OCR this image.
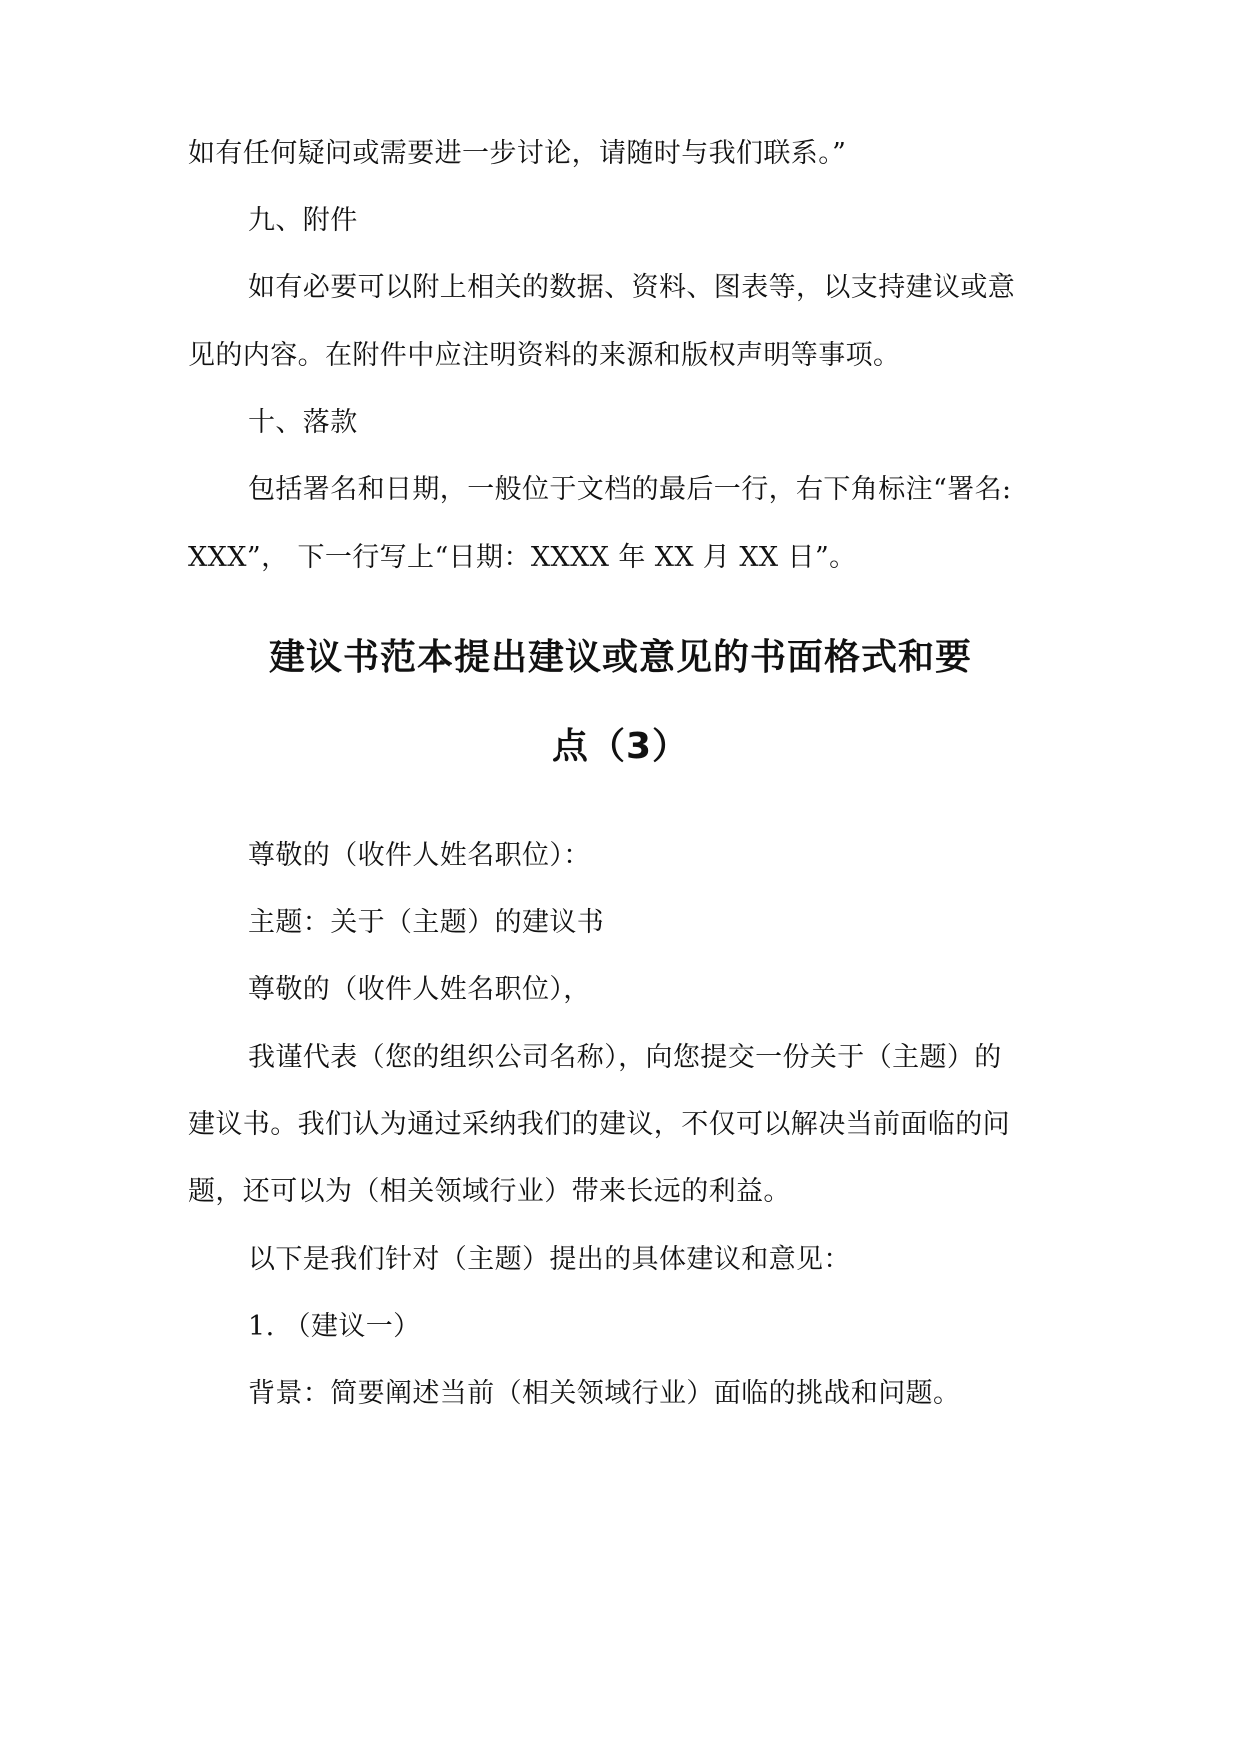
如有任何疑问或需要进一步讨论，请随时与我们联系。”
九、附件
如有必要可以附上相关的数据、资料、图表等，以支持建议或意
见的内容。在附件中应注明资料的来源和版权声明等事项。
十、落款
包括署名和日期，一般位于文档的最后一行，右下角标注“署名:
XXX”， 下一行写上“日期：XXXX 年 XX 月 XX 日”。
建议书范本提出建议或意见的书面格式和要
点（3）
尊敬的（收件人姓名职位）：
主题：关于（主题）的建议书
尊敬的（收件人姓名职位），
我谨代表（您的组织公司名称），向您提交一份关于（主题）的
建议书。我们认为通过采纳我们的建议，不仅可以解决当前面临的问
题，还可以为（相关领域行业）带来长远的利益。
以下是我们针对（主题）提出的具体建议和意见：
1. （建议一）
背景：简要阐述当前（相关领域行业）面临的挑战和问题。
